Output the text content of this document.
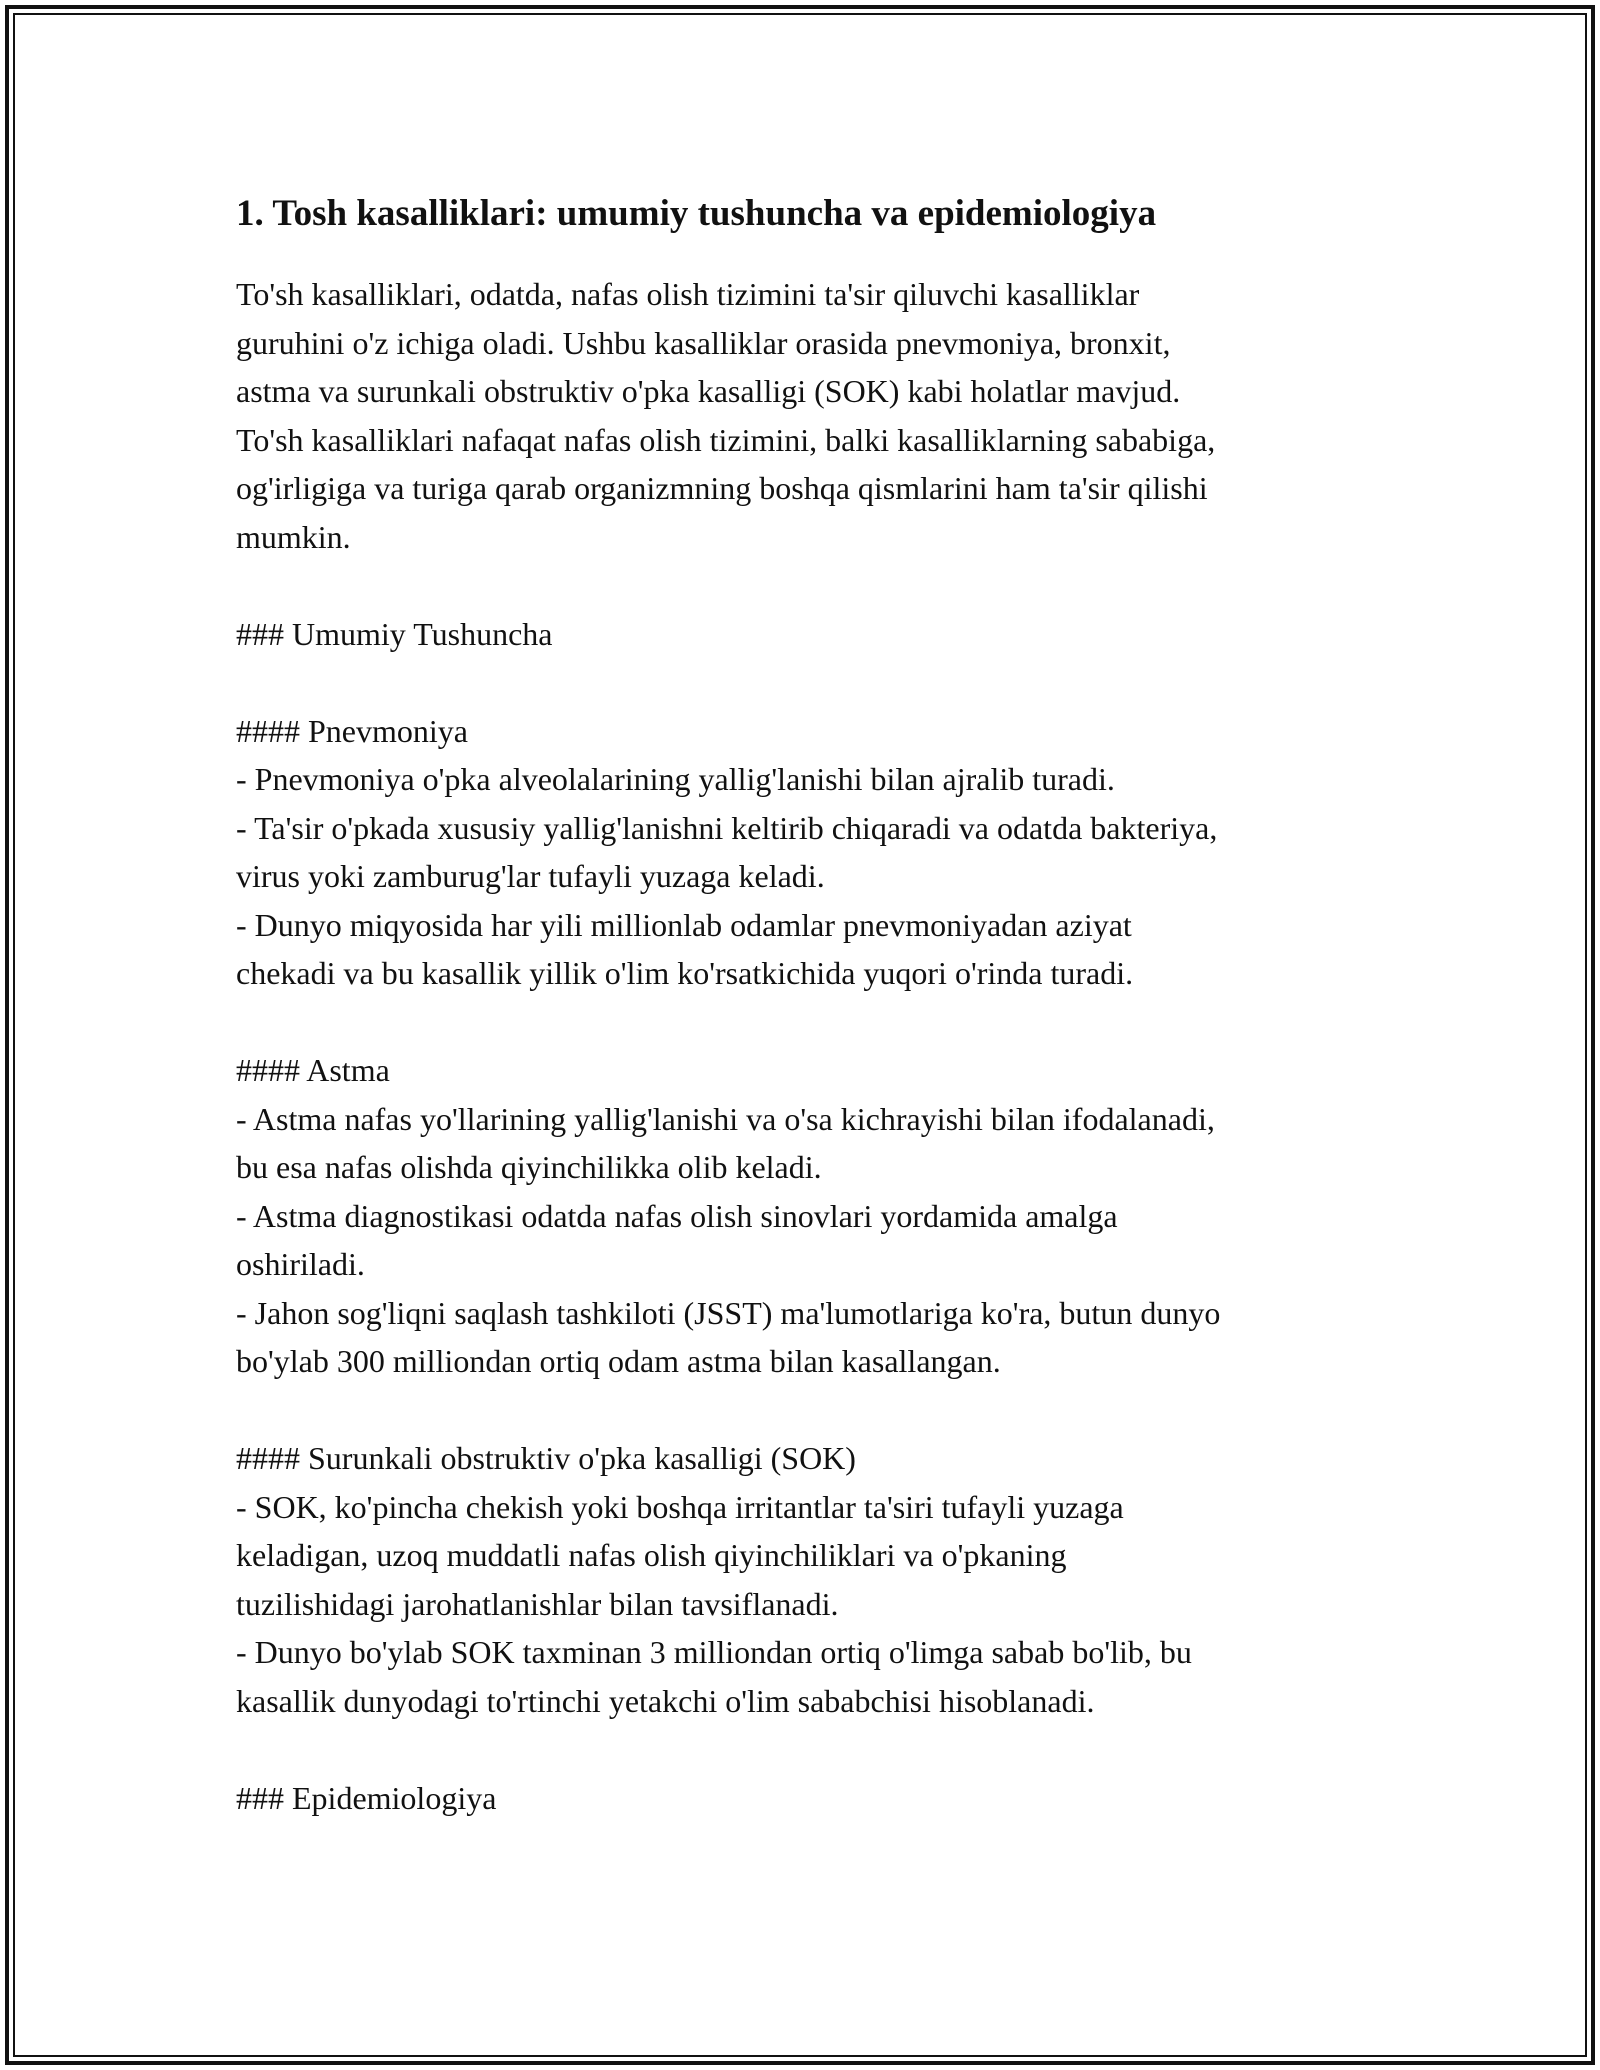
1. Tosh kasalliklari: umumiy tushuncha va epidemiologiya
To'sh kasalliklari, odatda, nafas olish tizimini ta'sir qiluvchi kasalliklar
guruhini o'z ichiga oladi. Ushbu kasalliklar orasida pnevmoniya, bronxit,
astma va surunkali obstruktiv o'pka kasalligi (SOK) kabi holatlar mavjud.
To'sh kasalliklari nafaqat nafas olish tizimini, balki kasalliklarning sababiga,
og'irligiga va turiga qarab organizmning boshqa qismlarini ham ta'sir qilishi
mumkin.
### Umumiy Tushuncha
#### Pnevmoniya
- Pnevmoniya o'pka alveolalarining yallig'lanishi bilan ajralib turadi.
- Ta'sir o'pkada xususiy yallig'lanishni keltirib chiqaradi va odatda bakteriya,
virus yoki zamburug'lar tufayli yuzaga keladi.
- Dunyo miqyosida har yili millionlab odamlar pnevmoniyadan aziyat
chekadi va bu kasallik yillik o'lim ko'rsatkichida yuqori o'rinda turadi.
#### Astma
- Astma nafas yo'llarining yallig'lanishi va o'sa kichrayishi bilan ifodalanadi,
bu esa nafas olishda qiyinchilikka olib keladi.
- Astma diagnostikasi odatda nafas olish sinovlari yordamida amalga
oshiriladi.
- Jahon sog'liqni saqlash tashkiloti (JSST) ma'lumotlariga ko'ra, butun dunyo
bo'ylab 300 milliondan ortiq odam astma bilan kasallangan.
#### Surunkali obstruktiv o'pka kasalligi (SOK)
- SOK, ko'pincha chekish yoki boshqa irritantlar ta'siri tufayli yuzaga
keladigan, uzoq muddatli nafas olish qiyinchiliklari va o'pkaning
tuzilishidagi jarohatlanishlar bilan tavsiflanadi.
- Dunyo bo'ylab SOK taxminan 3 milliondan ortiq o'limga sabab bo'lib, bu
kasallik dunyodagi to'rtinchi yetakchi o'lim sababchisi hisoblanadi.
### Epidemiologiya
